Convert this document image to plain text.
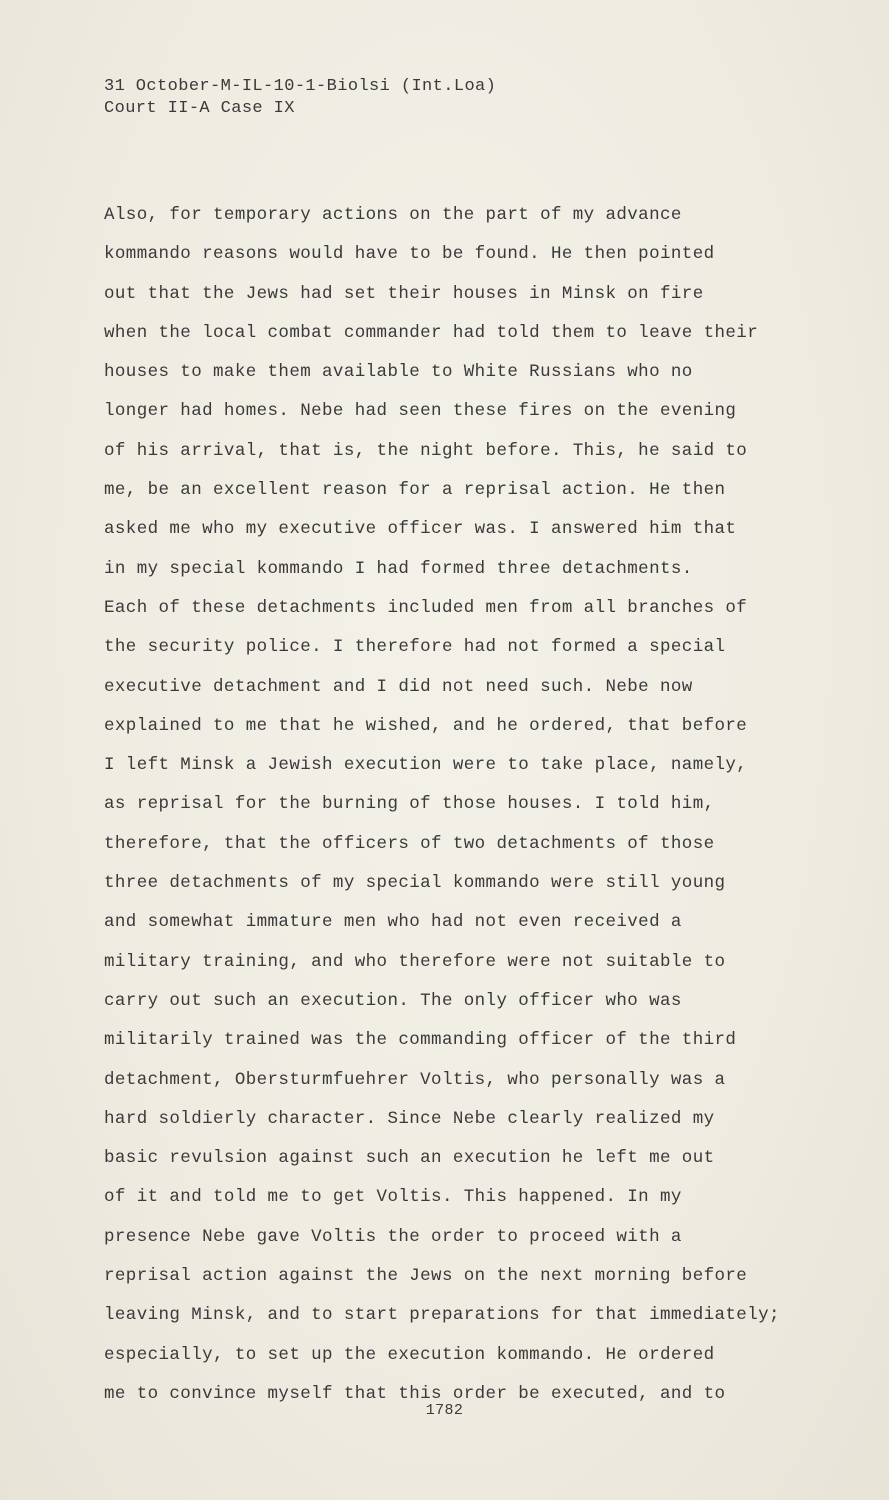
31 October-M-IL-10-1-Biolsi (Int.Loa)
Court II-A Case IX
Also, for temporary actions on the part of my advance
kommando reasons would have to be found. He then pointed
out that the Jews had set their houses in Minsk on fire
when the local combat commander had told them to leave their
houses to make them available to White Russians who no
longer had homes. Nebe had seen these fires on the evening
of his arrival, that is, the night before. This, he said to
me, be an excellent reason for a reprisal action. He then
asked me who my executive officer was. I answered him that
in my special kommando I had formed three detachments.
Each of these detachments included men from all branches of
the security police. I therefore had not formed a special
executive detachment and I did not need such. Nebe now
explained to me that he wished, and he ordered, that before
I left Minsk a Jewish execution were to take place, namely,
as reprisal for the burning of those houses. I told him,
therefore, that the officers of two detachments of those
three detachments of my special kommando were still young
and somewhat immature men who had not even received a
military training, and who therefore were not suitable to
carry out such an execution. The only officer who was
militarily trained was the commanding officer of the third
detachment, Obersturmfuehrer Voltis, who personally was a
hard soldierly character. Since Nebe clearly realized my
basic revulsion against such an execution he left me out
of it and told me to get Voltis. This happened. In my
presence Nebe gave Voltis the order to proceed with a
reprisal action against the Jews on the next morning before
leaving Minsk, and to start preparations for that immediately;
especially, to set up the execution kommando. He ordered
me to convince myself that this order be executed, and to
1782
